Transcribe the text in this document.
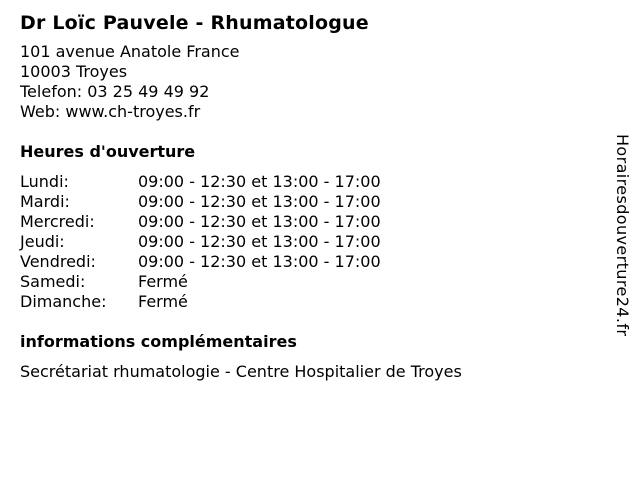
Dr Loïc Pauvele - Rhumatologue
101 avenue Anatole France
10003 Troyes
Telefon: 03 25 49 49 92
Web: www.ch-troyes.fr
Heures d'ouverture
Lundi:	09:00 - 12:30 et 13:00 - 17:00
Mardi:	09:00 - 12:30 et 13:00 - 17:00
Mercredi:	09:00 - 12:30 et 13:00 - 17:00
Jeudi:	09:00 - 12:30 et 13:00 - 17:00
Vendredi:	09:00 - 12:30 et 13:00 - 17:00
Samedi:	Fermé
Dimanche: Fermé
informations complémentaires
Secrétariat rhumatologie - Centre Hospitalier de Troyes
Horairesdouverture24.fr
